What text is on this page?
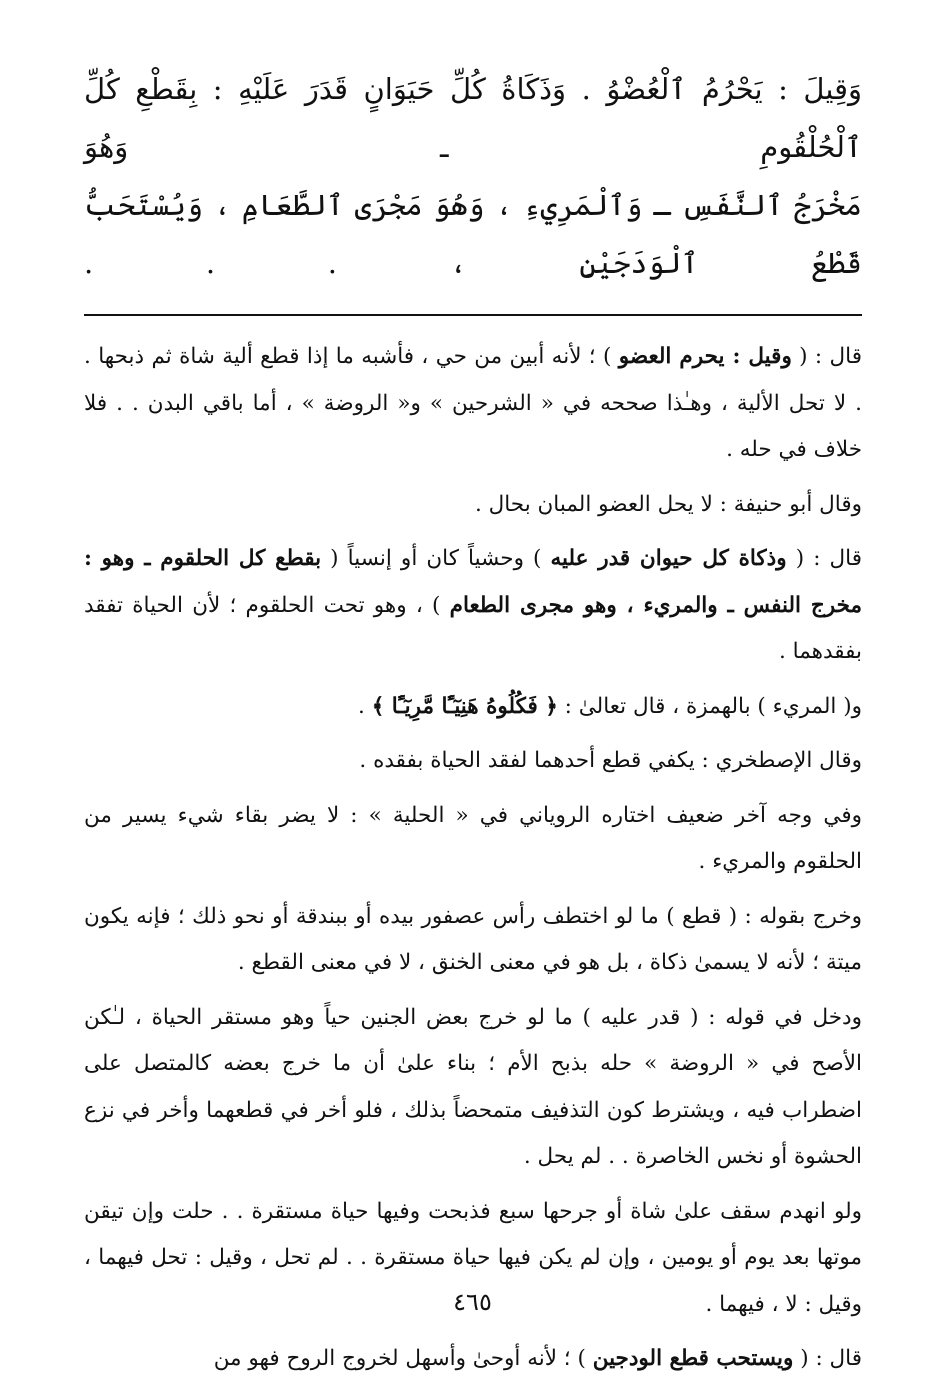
وَقِيلَ : يَحْرُمُ ٱلْعُضْوُ . وَذَكَاةُ كُلِّ حَيَوَانٍ قَدَرَ عَلَيْهِ : بِقَطْعِ كُلِّ ٱلْحُلْقُومِ ـ وَهُوَ
مَخْرَجُ ٱلنَّفَسِ ـ وَٱلْمَرِيءِ ، وَهُوَ مَجْرَى ٱلطَّعَامِ ، وَيُسْتَحَبُّ قَطْعُ ٱلْوَدَجَيْنِ ، . . .

قال : ( وقيل : يحرم العضو ) ؛ لأنه أبين من حي ، فأشبه ما إذا قطع ألية شاة ثم ذبحها . . لا تحل الألية ، وهـٰذا صححه في « الشرحين » و« الروضة » ، أما باقي البدن . . فلا خلاف في حله .

وقال أبو حنيفة : لا يحل العضو المبان بحال .

قال : ( وذكاة كل حيوان قدر عليه ) وحشياً كان أو إنسياً ( بقطع كل الحلقوم ـ وهو : مخرج النفس ـ والمريء ، وهو مجرى الطعام ) ، وهو تحت الحلقوم ؛ لأن الحياة تفقد بفقدهما .

و( المريء ) بالهمزة ، قال تعالىٰ : ﴿ فَكُلُوهُ هَنِيٓـًٔا مَّرِيٓـًٔا ﴾ .

وقال الإصطخري : يكفي قطع أحدهما لفقد الحياة بفقده .

وفي وجه آخر ضعيف اختاره الروياني في « الحلية » : لا يضر بقاء شيء يسير من الحلقوم والمريء .

وخرج بقوله : ( قطع ) ما لو اختطف رأس عصفور بيده أو ببندقة أو نحو ذلك ؛ فإنه يكون ميتة ؛ لأنه لا يسمىٰ ذكاة ، بل هو في معنى الخنق ، لا في معنى القطع .

ودخل في قوله : ( قدر عليه ) ما لو خرج بعض الجنين حياً وهو مستقر الحياة ، لـٰكن الأصح في « الروضة » حله بذبح الأم ؛ بناء علىٰ أن ما خرج بعضه كالمتصل على اضطراب فيه ، ويشترط كون التذفيف متمحضاً بذلك ، فلو أخر في قطعهما وأخر في نزع الحشوة أو نخس الخاصرة . . لم يحل .

ولو انهدم سقف علىٰ شاة أو جرحها سبع فذبحت وفيها حياة مستقرة . . حلت وإن تيقن موتها بعد يوم أو يومين ، وإن لم يكن فيها حياة مستقرة . . لم تحل ، وقيل : تحل فيهما ، وقيل : لا ، فيهما .

قال : ( ويستحب قطع الودجين ) ؛ لأنه أوحىٰ وأسهل لخروج الروح فهو من

٤٦٥
